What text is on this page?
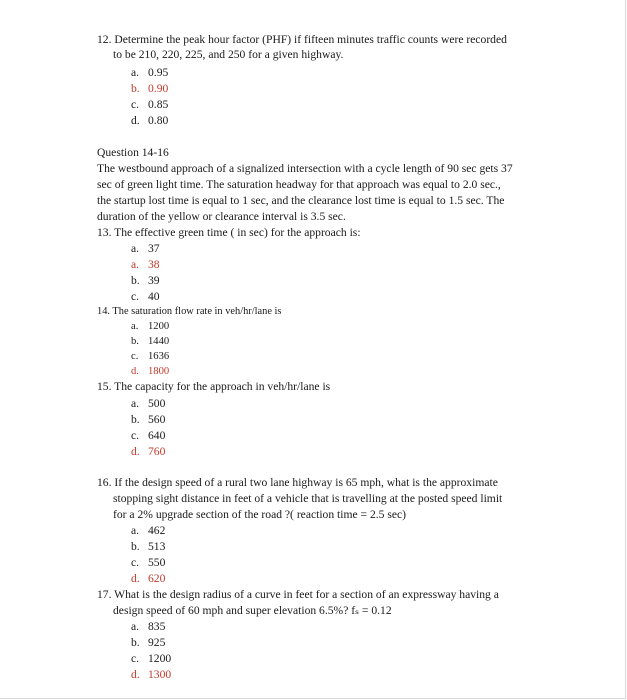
12. Determine the peak hour factor (PHF) if fifteen minutes traffic counts were recorded
to be 210, 220, 225, and 250 for a given highway.
a. 0.95
b. 0.90
c. 0.85
d. 0.80
Question 14-16
The westbound approach of a signalized intersection with a cycle length of 90 sec gets 37
sec of green light time. The saturation headway for that approach was equal to 2.0 sec.,
the startup lost time is equal to 1 sec, and the clearance lost time is equal to 1.5 sec. The
duration of the yellow or clearance interval is 3.5 sec.
13. The effective green time ( in sec) for the approach is:
a. 37
a. 38
b. 39
c. 40
14. The saturation flow rate in veh/hr/lane is
a. 1200
b. 1440
c. 1636
d. 1800
15. The capacity for the approach in veh/hr/lane is
a. 500
b. 560
c. 640
d. 760
16. If the design speed of a rural two lane highway is 65 mph, what is the approximate
stopping sight distance in feet of a vehicle that is travelling at the posted speed limit
for a 2% upgrade section of the road ?( reaction time = 2.5 sec)
a. 462
b. 513
c. 550
d. 620
17. What is the design radius of a curve in feet for a section of an expressway having a
design speed of 60 mph and super elevation 6.5%? fₛ = 0.12
a. 835
b. 925
c. 1200
d. 1300
